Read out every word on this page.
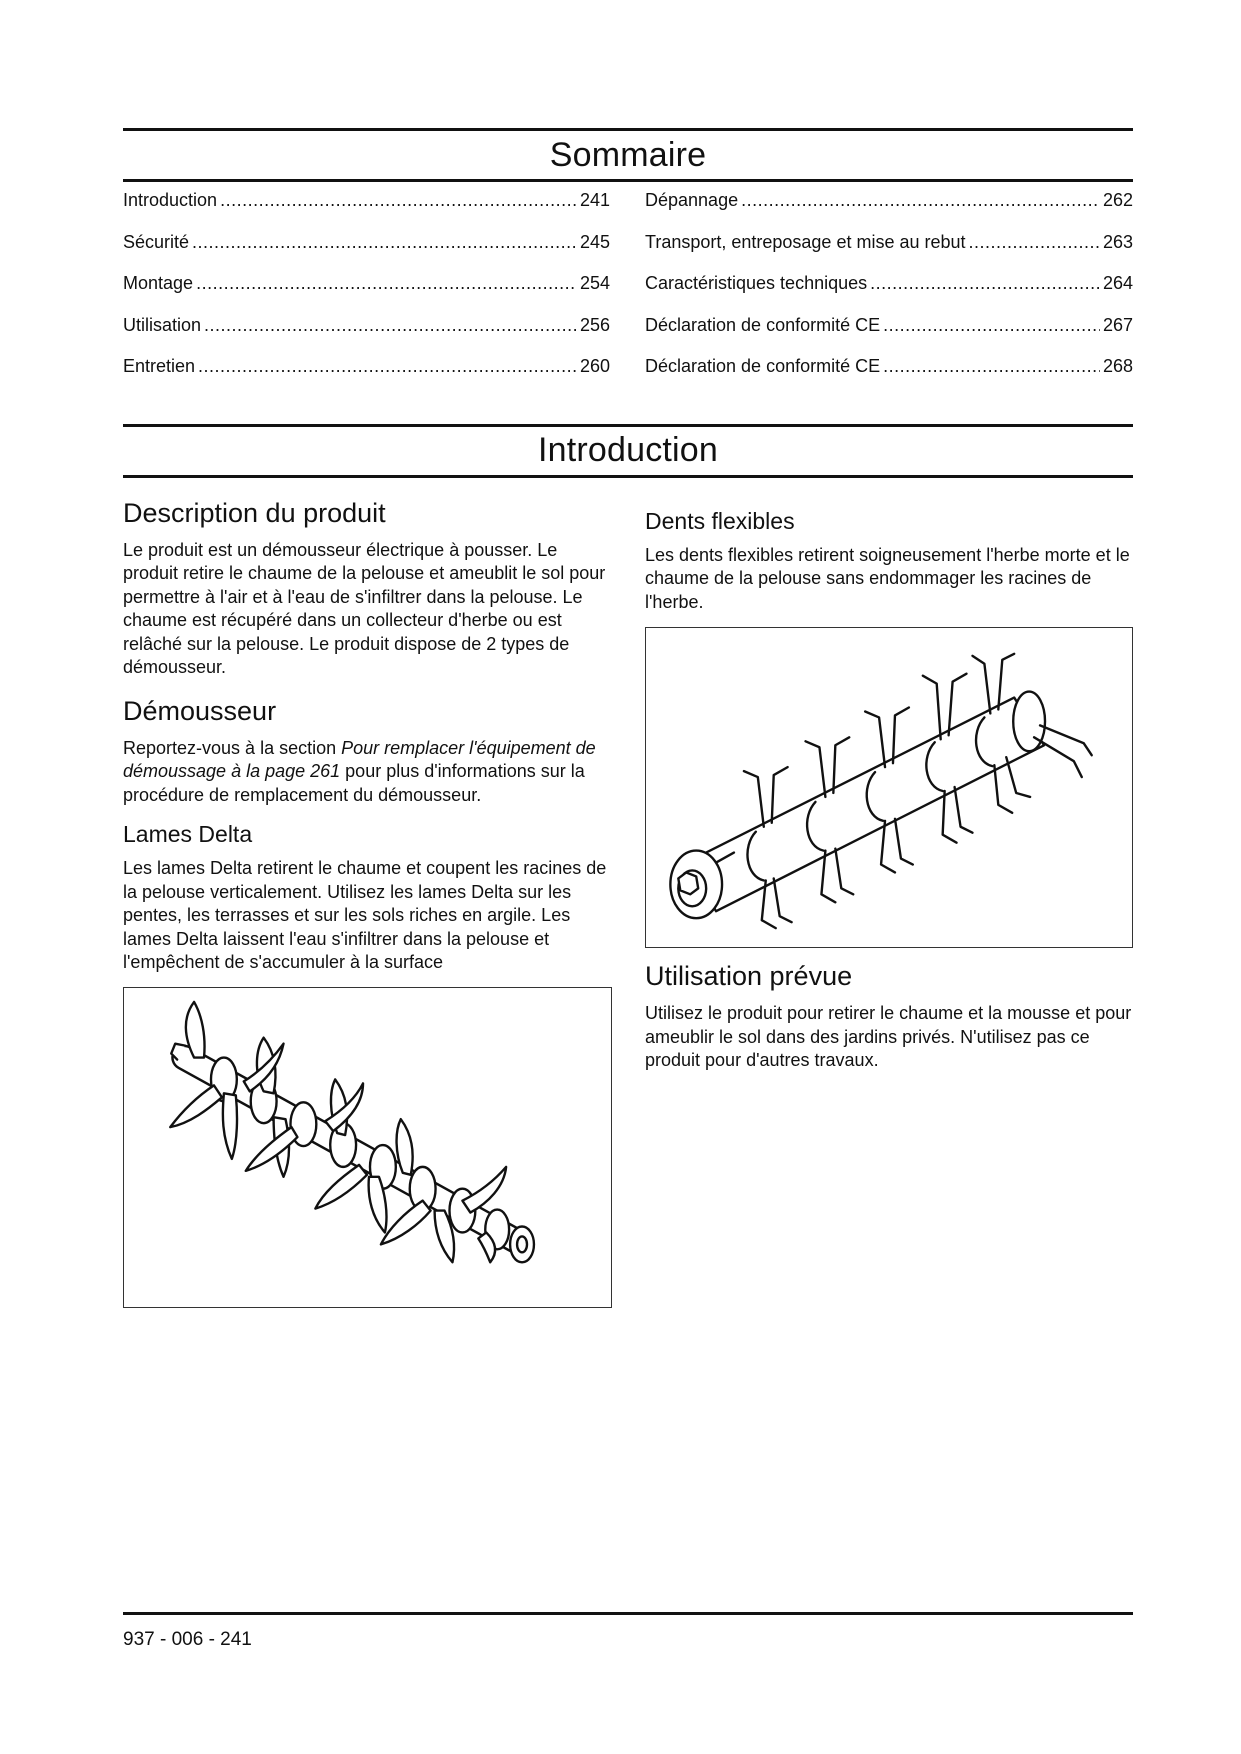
Sommaire
Introduction .....	241
Sécurité .....	245
Montage .....	254
Utilisation .....	256
Entretien .....	260
Dépannage .....	262
Transport, entreposage et mise au rebut .....	263
Caractéristiques techniques .....	264
Déclaration de conformité CE .....	267
Déclaration de conformité CE .....	268
Introduction
Description du produit

Le produit est un démousseur électrique à pousser. Le produit retire le chaume de la pelouse et ameublit le sol pour permettre à l'air et à l'eau de s'infiltrer dans la pelouse. Le chaume est récupéré dans un collecteur d'herbe ou est relâché sur la pelouse. Le produit dispose de 2 types de démousseur.

Démousseur

Reportez-vous à la section Pour remplacer l'équipement de démoussage à la page 261 pour plus d'informations sur la procédure de remplacement du démousseur.

Lames Delta

Les lames Delta retirent le chaume et coupent les racines de la pelouse verticalement. Utilisez les lames Delta sur les pentes, les terrasses et sur les sols riches en argile. Les lames Delta laissent l'eau s'infiltrer dans la pelouse et l'empêchent de s'accumuler à la surface

Dents flexibles

Les dents flexibles retirent soigneusement l'herbe morte et le chaume de la pelouse sans endommager les racines de l'herbe.

Utilisation prévue

Utilisez le produit pour retirer le chaume et la mousse et pour ameublir le sol dans des jardins privés. N'utilisez pas ce produit pour d'autres travaux.

937 - 006 - 241
